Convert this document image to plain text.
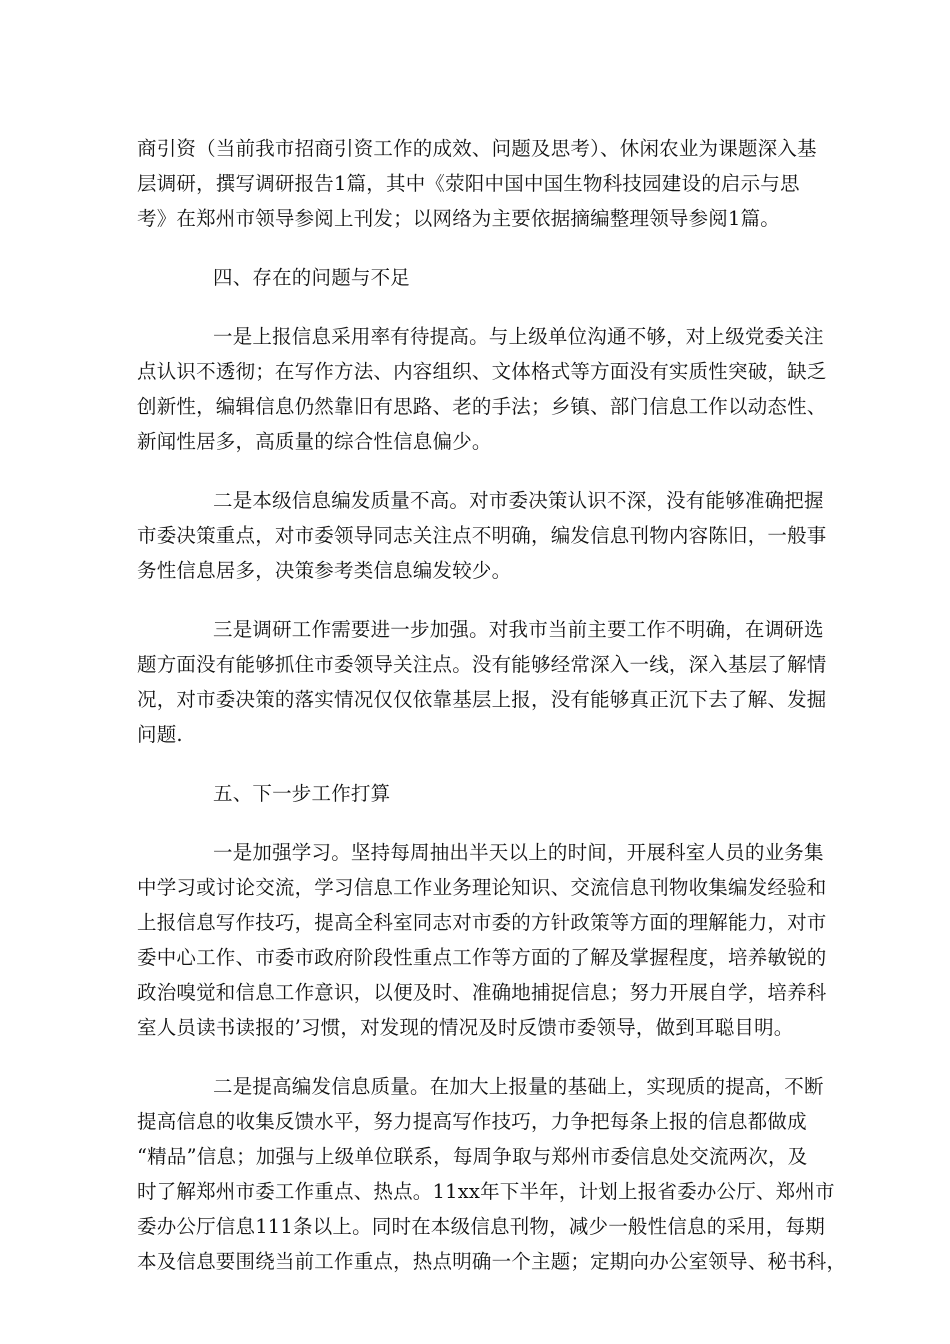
商引资（当前我市招商引资工作的成效、问题及思考）、休闲农业为课题深入基
层调研，撰写调研报告1篇，其中《荥阳中国中国生物科技园建设的启示与思
考》在郑州市领导参阅上刊发；以网络为主要依据摘编整理领导参阅1篇。

四、存在的问题与不足

一是上报信息采用率有待提高。与上级单位沟通不够，对上级党委关注
点认识不透彻；在写作方法、内容组织、文体格式等方面没有实质性突破，缺乏
创新性，编辑信息仍然靠旧有思路、老的手法；乡镇、部门信息工作以动态性、
新闻性居多，高质量的综合性信息偏少。

二是本级信息编发质量不高。对市委决策认识不深，没有能够准确把握
市委决策重点，对市委领导同志关注点不明确，编发信息刊物内容陈旧，一般事
务性信息居多，决策参考类信息编发较少。

三是调研工作需要进一步加强。对我市当前主要工作不明确，在调研选
题方面没有能够抓住市委领导关注点。没有能够经常深入一线，深入基层了解情
况，对市委决策的落实情况仅仅依靠基层上报，没有能够真正沉下去了解、发掘
问题.

五、下一步工作打算

一是加强学习。坚持每周抽出半天以上的时间，开展科室人员的业务集
中学习或讨论交流，学习信息工作业务理论知识、交流信息刊物收集编发经验和
上报信息写作技巧，提高全科室同志对市委的方针政策等方面的理解能力，对市
委中心工作、市委市政府阶段性重点工作等方面的了解及掌握程度，培养敏锐的
政治嗅觉和信息工作意识，以便及时、准确地捕捉信息；努力开展自学，培养科
室人员读书读报的’习惯，对发现的情况及时反馈市委领导，做到耳聪目明。

二是提高编发信息质量。在加大上报量的基础上，实现质的提高，不断
提高信息的收集反馈水平，努力提高写作技巧，力争把每条上报的信息都做成
“精品”信息；加强与上级单位联系，每周争取与郑州市委信息处交流两次，及
时了解郑州市委工作重点、热点。11xx年下半年，计划上报省委办公厅、郑州市
委办公厅信息111条以上。同时在本级信息刊物，减少一般性信息的采用，每期
本及信息要围绕当前工作重点，热点明确一个主题；定期向办公室领导、秘书科，
